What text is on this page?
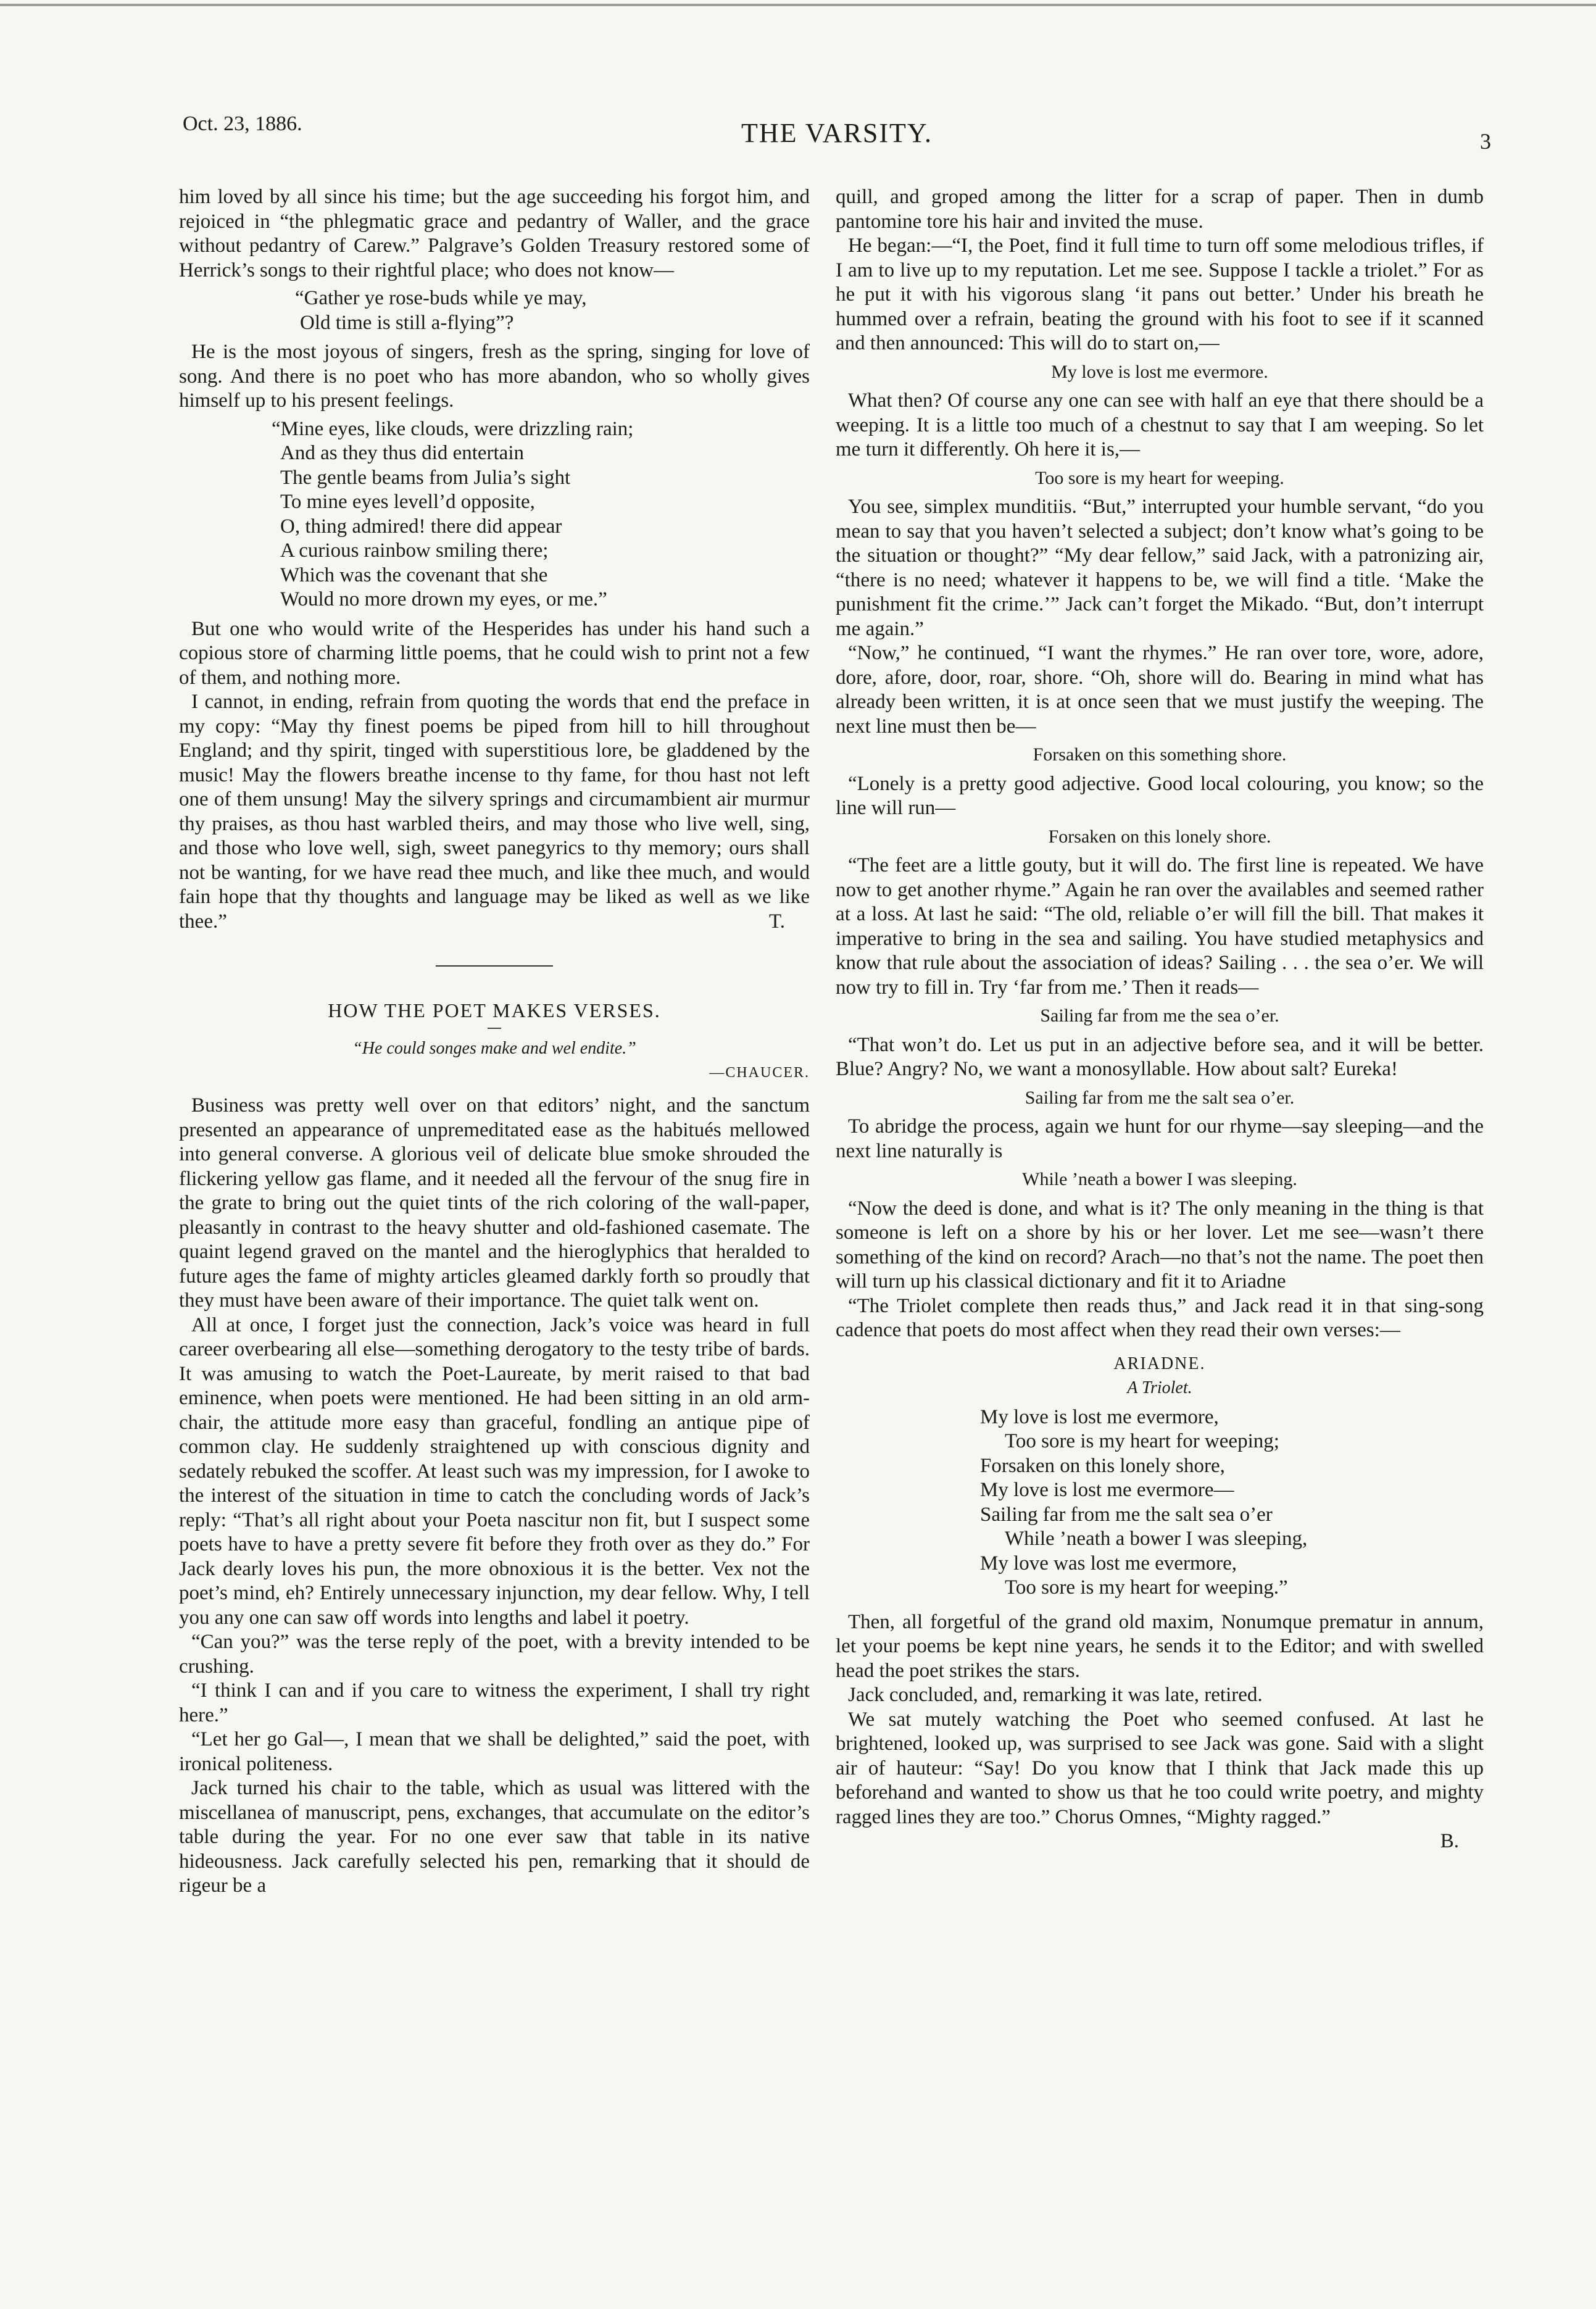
Oct. 23, 1886.	THE VARSITY.	3

him loved by all since his time; but the age succeeding his forgot him, and rejoiced in “the phlegmatic grace and pedantry of Waller, and the grace without pedantry of Carew.” Palgrave’s Golden Treasury restored some of Herrick’s songs to their rightful place; who does not know—

“Gather ye rose-buds while ye may,
Old time is still a-flying”?

He is the most joyous of singers, fresh as the spring, singing for love of song. And there is no poet who has more abandon, who so wholly gives himself up to his present feelings.

“Mine eyes, like clouds, were drizzling rain;
And as they thus did entertain
The gentle beams from Julia’s sight
To mine eyes levell’d opposite,
O, thing admired! there did appear
A curious rainbow smiling there;
Which was the covenant that she
Would no more drown my eyes, or me.”

But one who would write of the Hesperides has under his hand such a copious store of charming little poems, that he could wish to print not a few of them, and nothing more.

I cannot, in ending, refrain from quoting the words that end the preface in my copy: “May thy finest poems be piped from hill to hill throughout England; and thy spirit, tinged with superstitious lore, be gladdened by the music! May the flowers breathe incense to thy fame, for thou hast not left one of them unsung! May the silvery springs and circumambient air murmur thy praises, as thou hast warbled theirs, and may those who live well, sing, and those who love well, sigh, sweet panegyrics to thy memory; ours shall not be wanting, for we have read thee much, and like thee much, and would fain hope that thy thoughts and language may be liked as well as we like thee.”	T.
HOW THE POET MAKES VERSES.
“He could songes make and wel endite.”
—CHAUCER.

Business was pretty well over on that editors’ night, and the sanctum presented an appearance of unpremeditated ease as the habitués mellowed into general converse. A glorious veil of delicate blue smoke shrouded the flickering yellow gas flame, and it needed all the fervour of the snug fire in the grate to bring out the quiet tints of the rich coloring of the wall-paper, pleasantly in contrast to the heavy shutter and old-fashioned casemate. The quaint legend graved on the mantel and the hieroglyphics that heralded to future ages the fame of mighty articles gleamed darkly forth so proudly that they must have been aware of their importance. The quiet talk went on.

All at once, I forget just the connection, Jack’s voice was heard in full career overbearing all else—something derogatory to the testy tribe of bards. It was amusing to watch the Poet-Laureate, by merit raised to that bad eminence, when poets were mentioned. He had been sitting in an old arm-chair, the attitude more easy than graceful, fondling an antique pipe of common clay. He suddenly straightened up with conscious dignity and sedately rebuked the scoffer. At least such was my impression, for I awoke to the interest of the situation in time to catch the concluding words of Jack’s reply: “That’s all right about your Poeta nascitur non fit, but I suspect some poets have to have a pretty severe fit before they froth over as they do.” For Jack dearly loves his pun, the more obnoxious it is the better. Vex not the poet’s mind, eh? Entirely unnecessary injunction, my dear fellow. Why, I tell you any one can saw off words into lengths and label it poetry.

“Can you?” was the terse reply of the poet, with a brevity intended to be crushing.

“I think I can and if you care to witness the experiment, I shall try right here.”

“Let her go Gal—, I mean that we shall be delighted,” said the poet, with ironical politeness.

Jack turned his chair to the table, which as usual was littered with the miscellanea of manuscript, pens, exchanges, that accumulate on the editor’s table during the year. For no one ever saw that table in its native hideousness. Jack carefully selected his pen, remarking that it should de rigeur be a

quill, and groped among the litter for a scrap of paper. Then in dumb pantomine tore his hair and invited the muse.

He began:—“I, the Poet, find it full time to turn off some melodious trifles, if I am to live up to my reputation. Let me see. Suppose I tackle a triolet.” For as he put it with his vigorous slang ‘it pans out better.’ Under his breath he hummed over a refrain, beating the ground with his foot to see if it scanned and then announced: This will do to start on,—

My love is lost me evermore.

What then? Of course any one can see with half an eye that there should be a weeping. It is a little too much of a chestnut to say that I am weeping. So let me turn it differently. Oh here it is,—

Too sore is my heart for weeping.

You see, simplex munditiis. “But,” interrupted your humble servant, “do you mean to say that you haven’t selected a subject; don’t know what’s going to be the situation or thought?” “My dear fellow,” said Jack, with a patronizing air, “there is no need; whatever it happens to be, we will find a title. ‘Make the punishment fit the crime.’” Jack can’t forget the Mikado. “But, don’t interrupt me again.”

“Now,” he continued, “I want the rhymes.” He ran over tore, wore, adore, dore, afore, door, roar, shore. “Oh, shore will do. Bearing in mind what has already been written, it is at once seen that we must justify the weeping. The next line must then be—

Forsaken on this something shore.

“Lonely is a pretty good adjective. Good local colouring, you know; so the line will run—

Forsaken on this lonely shore.

“The feet are a little gouty, but it will do. The first line is repeated. We have now to get another rhyme.” Again he ran over the availables and seemed rather at a loss. At last he said: “The old, reliable o’er will fill the bill. That makes it imperative to bring in the sea and sailing. You have studied metaphysics and know that rule about the association of ideas? Sailing . . . the sea o’er. We will now try to fill in. Try ‘far from me.’ Then it reads—

Sailing far from me the sea o’er.

“That won’t do. Let us put in an adjective before sea, and it will be better. Blue? Angry? No, we want a monosyllable. How about salt? Eureka!

Sailing far from me the salt sea o’er.

To abridge the process, again we hunt for our rhyme—say sleeping—and the next line naturally is

While ’neath a bower I was sleeping.

“Now the deed is done, and what is it? The only meaning in the thing is that someone is left on a shore by his or her lover. Let me see—wasn’t there something of the kind on record? Arach—no that’s not the name. The poet then will turn up his classical dictionary and fit it to Ariadne

“The Triolet complete then reads thus,” and Jack read it in that sing-song cadence that poets do most affect when they read their own verses:—

ARIADNE.
A Triolet.
My love is lost me evermore,
Too sore is my heart for weeping;
Forsaken on this lonely shore,
My love is lost me evermore—
Sailing far from me the salt sea o’er
While ’neath a bower I was sleeping,
My love was lost me evermore,
Too sore is my heart for weeping.”

Then, all forgetful of the grand old maxim, Nonumque prematur in annum, let your poems be kept nine years, he sends it to the Editor; and with swelled head the poet strikes the stars.

Jack concluded, and, remarking it was late, retired.

We sat mutely watching the Poet who seemed confused. At last he brightened, looked up, was surprised to see Jack was gone. Said with a slight air of hauteur: “Say! Do you know that I think that Jack made this up beforehand and wanted to show us that he too could write poetry, and mighty ragged lines they are too.” Chorus Omnes, “Mighty ragged.”

B.
